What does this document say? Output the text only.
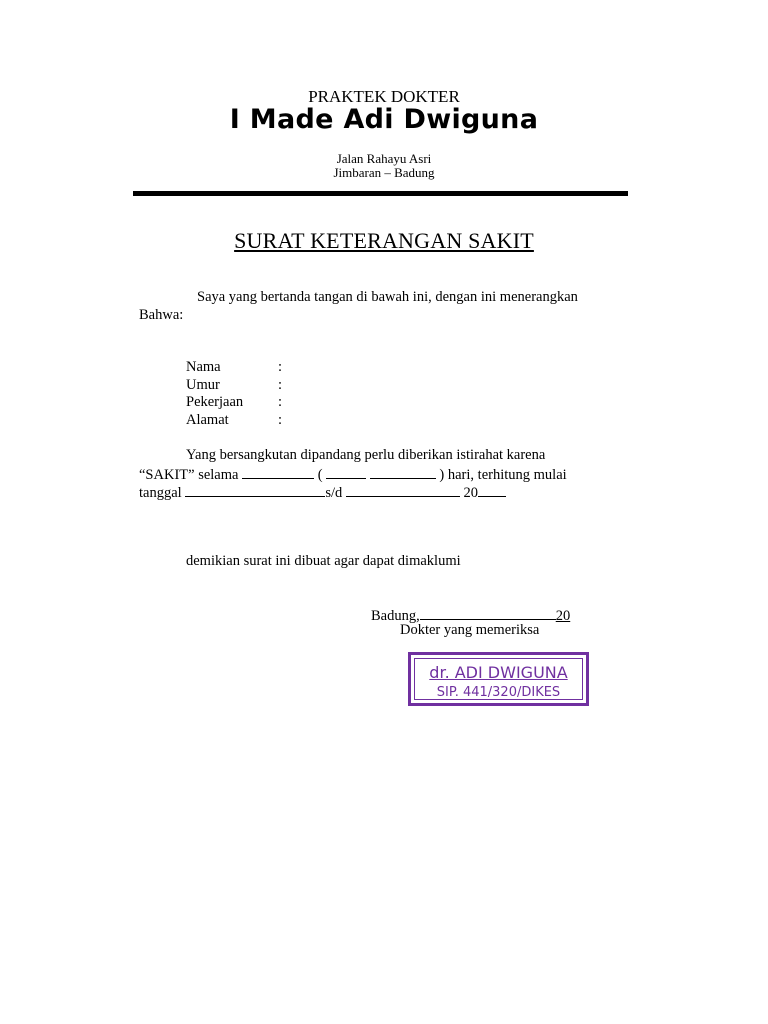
PRAKTEK DOKTER
I Made Adi Dwiguna
Jalan Rahayu Asri
Jimbaran – Badung
SURAT KETERANGAN SAKIT
Saya yang bertanda tangan di bawah ini, dengan ini menerangkan
Bahwa:
Nama	:
Umur	:
Pekerjaan :
Alamat	:
Yang bersangkutan dipandang perlu diberikan istirahat karena
“SAKIT” selama	(	) hari, terhitung mulai
tanggal	s/d	20
demikian surat ini dibuat agar dapat dimaklumi
Badung,	20
Dokter yang memeriksa
dr. ADI DWIGUNA
SIP. 441/320/DIKES
